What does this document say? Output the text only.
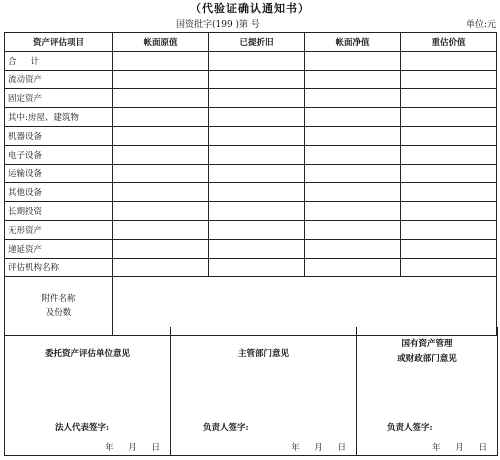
（代验证确认通知书）
国资批字(199 )第 号	单位:元
资产评估项目	帐面原值	已提折旧	帐面净值	重估价值
合计				
流动资产				
固定资产				
其中:房屋、建筑物				
机器设备				
电子设备				
运输设备				
其他设备				
长期投资				
无形资产				
递延资产				
评估机构名称				
附件名称
及份数				
委托资产评估单位意见
法人代表签字:
年 月 日
主管部门意见
负责人签字:
年 月 日
国有资产管理
或财政部门意见
负责人签字:
年 月 日
